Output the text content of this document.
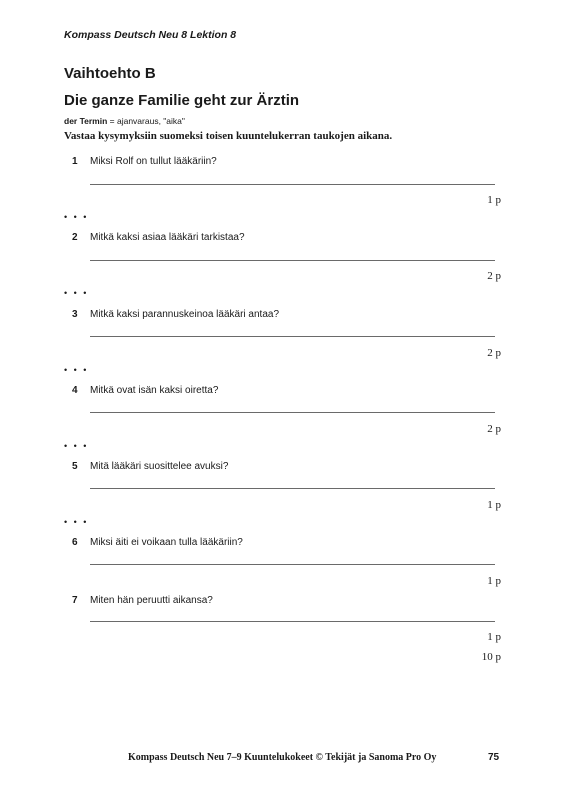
Kompass Deutsch Neu 8 Lektion 8
Vaihtoehto B
Die ganze Familie geht zur Ärztin
der Termin = ajanvaraus, "aika"
Vastaa kysymyksiin suomeksi toisen kuuntelukerran taukojen aikana.
1 Miksi Rolf on tullut lääkäriin?
1 p
• • •
2 Mitkä kaksi asiaa lääkäri tarkistaa?
2 p
• • •
3 Mitkä kaksi parannuskeinoa lääkäri antaa?
2 p
• • •
4 Mitkä ovat isän kaksi oiretta?
2 p
• • •
5 Mitä lääkäri suosittelee avuksi?
1 p
• • •
6 Miksi äiti ei voikaan tulla lääkäriin?
1 p
7 Miten hän peruutti aikansa?
1 p
10 p
Kompass Deutsch Neu 7–9 Kuuntelukokeet © Tekijät ja Sanoma Pro Oy	75
